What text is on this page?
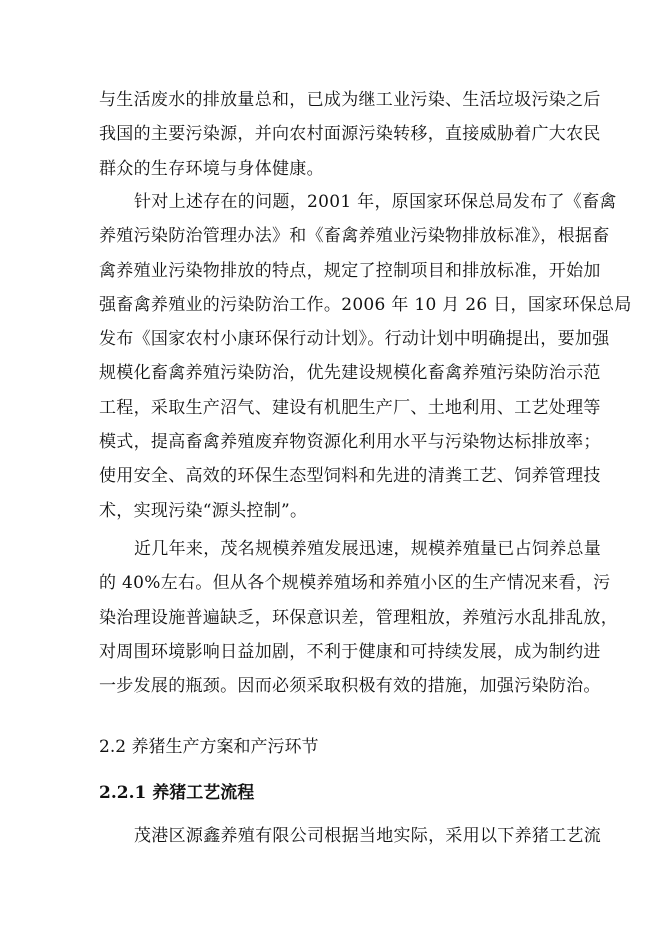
与生活废水的排放量总和，已成为继工业污染、生活垃圾污染之后
我国的主要污染源，并向农村面源污染转移，直接威胁着广大农民
群众的生存环境与身体健康。
针对上述存在的问题，2001 年，原国家环保总局发布了《畜禽
养殖污染防治管理办法》和《畜禽养殖业污染物排放标准》，根据畜
禽养殖业污染物排放的特点，规定了控制项目和排放标准，开始加
强畜禽养殖业的污染防治工作。2006 年 10 月 26 日，国家环保总局
发布《国家农村小康环保行动计划》。行动计划中明确提出，要加强
规模化畜禽养殖污染防治，优先建设规模化畜禽养殖污染防治示范
工程，采取生产沼气、建设有机肥生产厂、土地利用、工艺处理等
模式，提高畜禽养殖废弃物资源化利用水平与污染物达标排放率；
使用安全、高效的环保生态型饲料和先进的清粪工艺、饲养管理技
术，实现污染“源头控制”。
近几年来，茂名规模养殖发展迅速，规模养殖量已占饲养总量
的 40%左右。但从各个规模养殖场和养殖小区的生产情况来看，污
染治理设施普遍缺乏，环保意识差，管理粗放，养殖污水乱排乱放，
对周围环境影响日益加剧，不利于健康和可持续发展，成为制约进
一步发展的瓶颈。因而必须采取积极有效的措施，加强污染防治。
2.2 养猪生产方案和产污环节
2.2.1 养猪工艺流程
茂港区源鑫养殖有限公司根据当地实际，采用以下养猪工艺流
